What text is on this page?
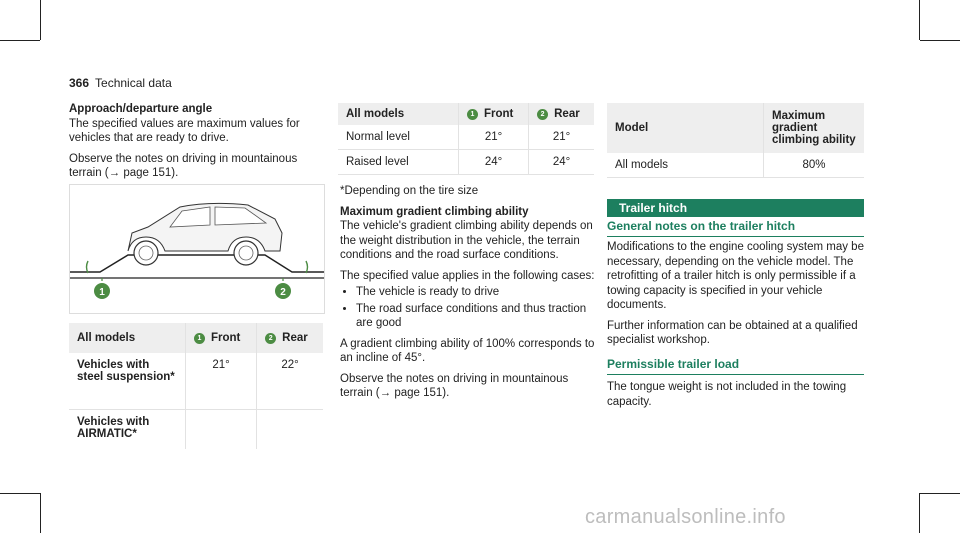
366 Technical data
Approach/departure angle

The specified values are maximum values for vehicles that are ready to drive.

Observe the notes on driving in mountainous terrain (→ page 151).

1	2
All models	1 Front	2 Rear
Vehicles with steel suspension*	21°	22°
Vehicles with AIRMATIC*		
All models	1 Front	2 Rear
Normal level	21°	21°
Raised level	24°	24°

*Depending on the tire size

Maximum gradient climbing ability

The vehicle's gradient climbing ability depends on the weight distribution in the vehicle, the terrain conditions and the road surface conditions.

The specified value applies in the following cases:

• The vehicle is ready to drive
• The road surface conditions and thus traction are good

A gradient climbing ability of 100% corresponds to an incline of 45°.

Observe the notes on driving in mountainous terrain (→ page 151).

Model	Maximum gradient climbing ability
All models	80%
Trailer hitch
General notes on the trailer hitch

Modifications to the engine cooling system may be necessary, depending on the vehicle model. The retrofitting of a trailer hitch is only permissible if a towing capacity is specified in your vehicle documents.

Further information can be obtained at a qualified specialist workshop.

Permissible trailer load
The tongue weight is not included in the towing capacity.
carmanualsonline.info
